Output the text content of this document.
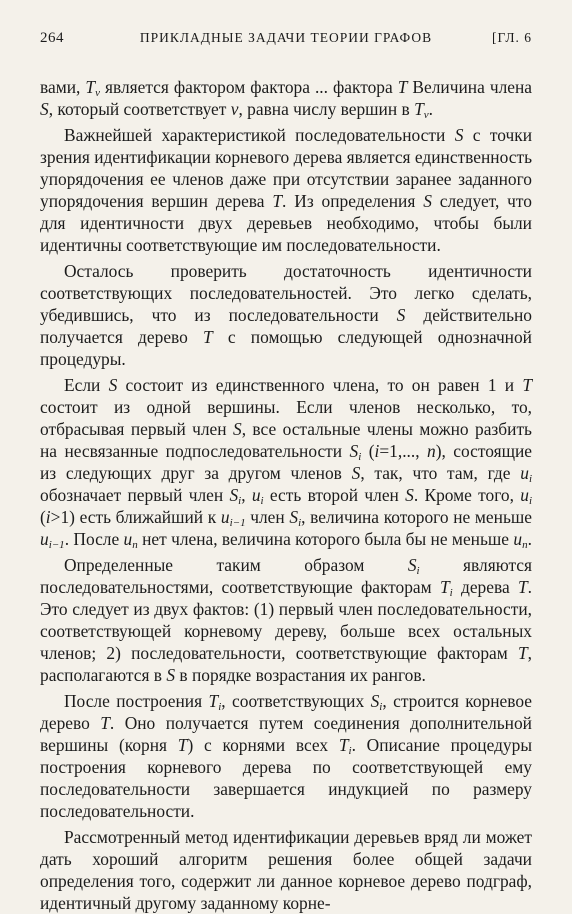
264	ПРИКЛАДНЫЕ ЗАДАЧИ ТЕОРИИ ГРАФОВ	[ГЛ. 6

вами, $T_v$ является фактором фактора ... фактора T Величина члена S, который соответствует v, равна числу вершин в $T_v$.

Важнейшей характеристикой последовательности S с точки зрения идентификации корневого дерева является единственность упорядочения ее членов даже при отсутствии заранее заданного упорядочения вершин дерева T. Из определения S следует, что для идентичности двух деревьев необходимо, чтобы были идентичны соответствующие им последовательности.

Осталось проверить достаточность идентичности соответствующих последовательностей. Это легко сделать, убедившись, что из последовательности S действительно получается дерево T с помощью следующей однозначной процедуры.

Если S состоит из единственного члена, то он равен 1 и T состоит из одной вершины. Если членов несколько, то, отбрасывая первый член S, все остальные члены можно разбить на несвязанные подпоследовательности $S_i$ (i=1,..., n), состоящие из следующих друг за другом членов S, так, что там, где $u_i$ обозначает первый член $S_i$, $u_i$ есть второй член S. Кроме того, $u_i$ (i>1) есть ближайший к $u_{i-1}$ член $S_i$, величина которого не меньше $u_{i-1}$. После $u_n$ нет члена, величина которого была бы не меньше $u_n$.

Определенные таким образом $S_i$ являются последовательностями, соответствующие факторам $T_i$ дерева T. Это следует из двух фактов: (1) первый член последовательности, соответствующей корневому дереву, больше всех остальных членов; 2) последовательности, соответствующие факторам T, располагаются в S в порядке возрастания их рангов.

После построения $T_i$, соответствующих $S_i$, строится корневое дерево T. Оно получается путем соединения дополнительной вершины (корня T) с корнями всех $T_i$. Описание процедуры построения корневого дерева по соответствующей ему последовательности завершается индукцией по размеру последовательности.

Рассмотренный метод идентификации деревьев вряд ли может дать хороший алгоритм решения более общей задачи определения того, содержит ли данное корневое дерево подграф, идентичный другому заданному корне-
